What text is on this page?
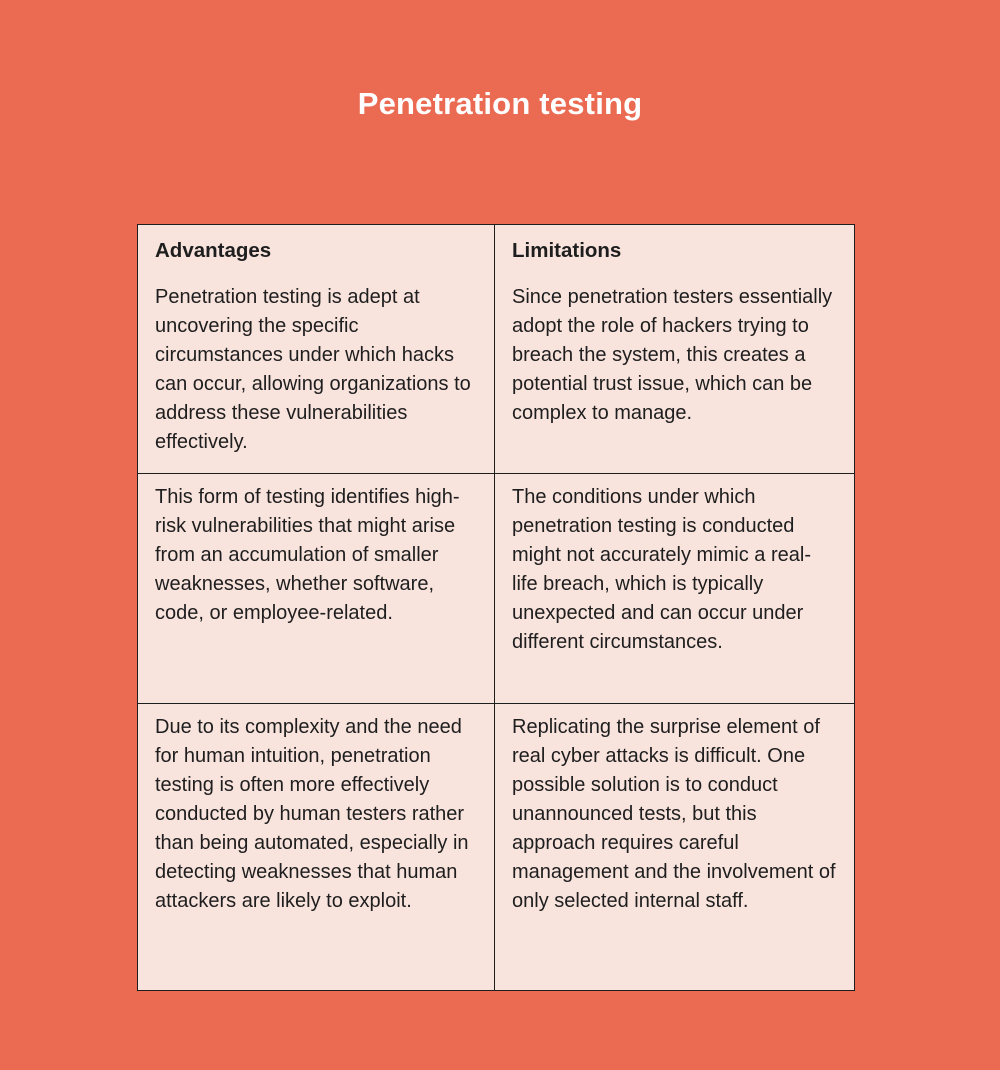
Penetration testing
Advantages	Limitations
Penetration testing is adept at uncovering the specific circumstances under which hacks can occur, allowing organizations to address these vulnerabilities effectively.
Since penetration testers essentially adopt the role of hackers trying to breach the system, this creates a potential trust issue, which can be complex to manage.
This form of testing identifies high-risk vulnerabilities that might arise from an accumulation of smaller weaknesses, whether software, code, or employee-related.
The conditions under which penetration testing is conducted might not accurately mimic a real-life breach, which is typically unexpected and can occur under different circumstances.
Due to its complexity and the need for human intuition, penetration testing is often more effectively conducted by human testers rather than being automated, especially in detecting weaknesses that human attackers are likely to exploit.
Replicating the surprise element of real cyber attacks is difficult. One possible solution is to conduct unannounced tests, but this approach requires careful management and the involvement of only selected internal staff.
